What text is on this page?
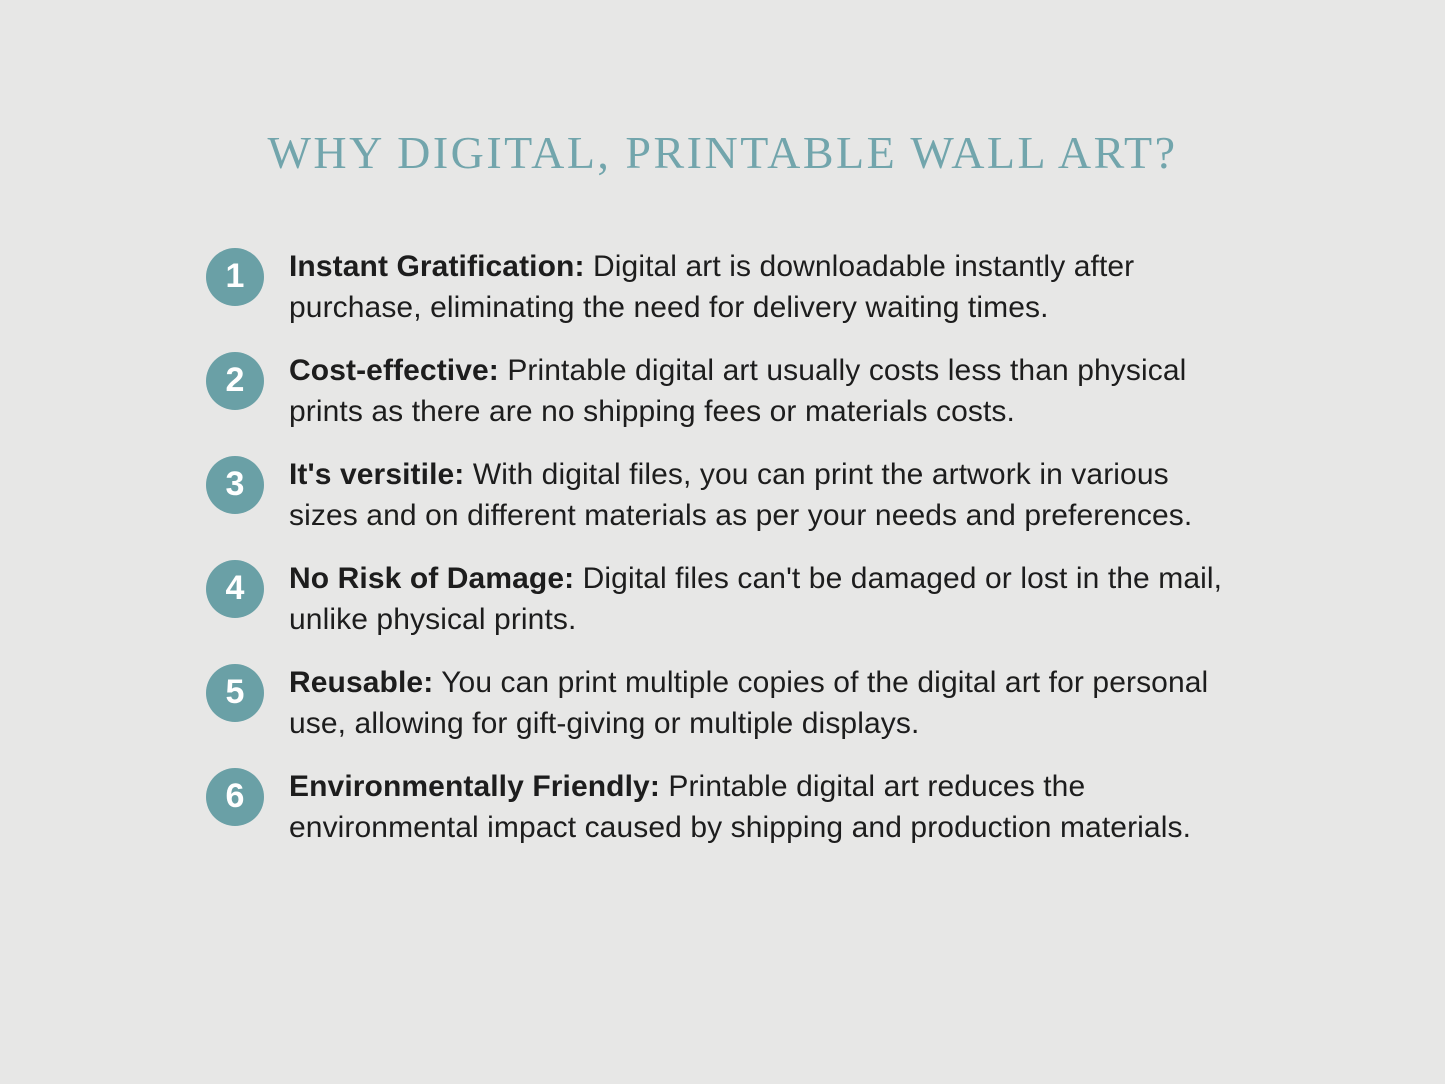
WHY DIGITAL, PRINTABLE WALL ART?
1 Instant Gratification: Digital art is downloadable instantly after purchase, eliminating the need for delivery waiting times.

2 Cost-effective: Printable digital art usually costs less than physical prints as there are no shipping fees or materials costs.

3 It's versitile: With digital files, you can print the artwork in various sizes and on different materials as per your needs and preferences.

4 No Risk of Damage: Digital files can't be damaged or lost in the mail, unlike physical prints.

5 Reusable: You can print multiple copies of the digital art for personal use, allowing for gift-giving or multiple displays.

6 Environmentally Friendly: Printable digital art reduces the environmental impact caused by shipping and production materials.
